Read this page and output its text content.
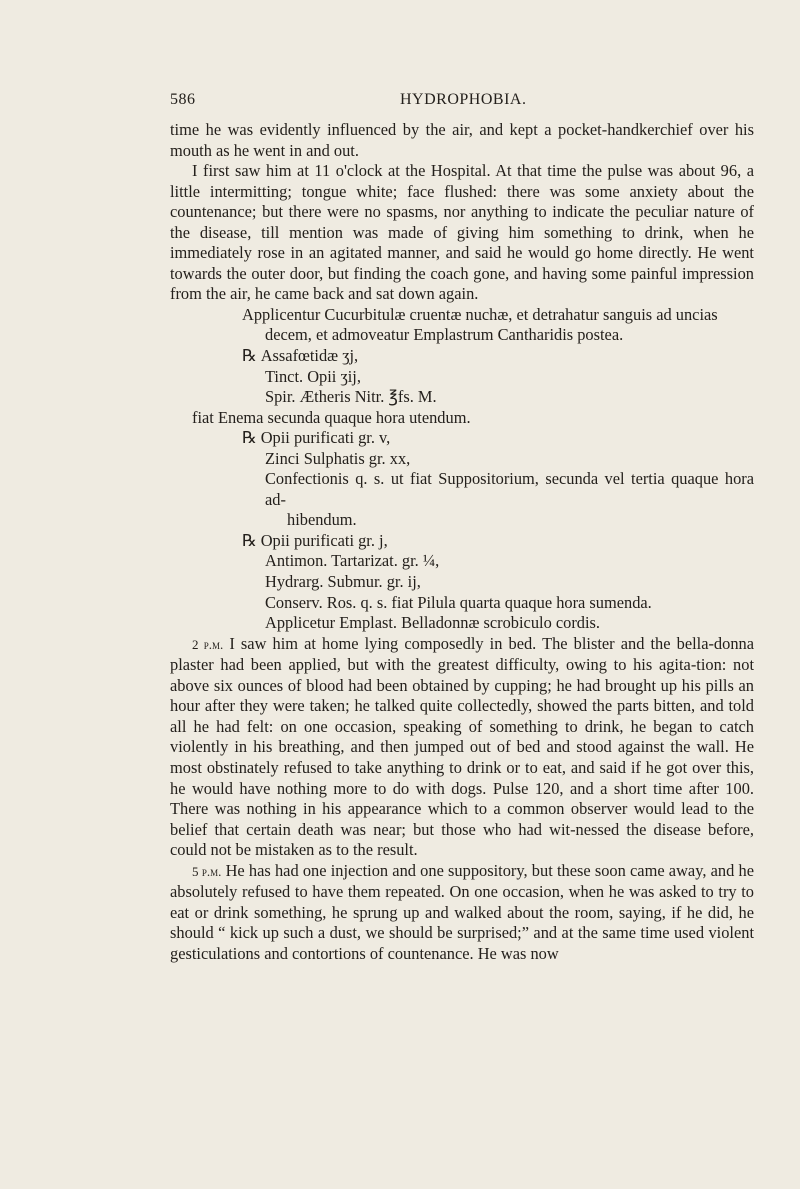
586	HYDROPHOBIA.

time he was evidently influenced by the air, and kept a pocket-handkerchief over his mouth as he went in and out.

I first saw him at 11 o'clock at the Hospital. At that time the pulse was about 96, a little intermitting; tongue white; face flushed: there was some anxiety about the countenance; but there were no spasms, nor anything to indicate the peculiar nature of the disease, till mention was made of giving him something to drink, when he immediately rose in an agitated manner, and said he would go home directly. He went towards the outer door, but finding the coach gone, and having some painful impression from the air, he came back and sat down again.

Applicentur Cucurbitulæ cruentæ nuchæ, et detrahatur sanguis ad uncias
decem, et admoveatur Emplastrum Cantharidis postea.
℞ Assafœtidæ ʒj,
Tinct. Opii ʒij,
Spir. Ætheris Nitr. ℥fs. M.
fiat Enema secunda quaque hora utendum.
℞ Opii purificati gr. v,
Zinci Sulphatis gr. xx,
Confectionis q. s. ut fiat Suppositorium, secunda vel tertia quaque hora ad-
hibendum.
℞ Opii purificati gr. j,
Antimon. Tartarizat. gr. ¼,
Hydrarg. Submur. gr. ij,
Conserv. Ros. q. s. fiat Pilula quarta quaque hora sumenda.
Applicetur Emplast. Belladonnæ scrobiculo cordis.

2 p.m. I saw him at home lying composedly in bed. The blister and the bella-donna plaster had been applied, but with the greatest difficulty, owing to his agita-tion: not above six ounces of blood had been obtained by cupping; he had brought up his pills an hour after they were taken; he talked quite collectedly, showed the parts bitten, and told all he had felt: on one occasion, speaking of something to drink, he began to catch violently in his breathing, and then jumped out of bed and stood against the wall. He most obstinately refused to take anything to drink or to eat, and said if he got over this, he would have nothing more to do with dogs. Pulse 120, and a short time after 100. There was nothing in his appearance which to a common observer would lead to the belief that certain death was near; but those who had wit-nessed the disease before, could not be mistaken as to the result.

5 p.m. He has had one injection and one suppository, but these soon came away, and he absolutely refused to have them repeated. On one occasion, when he was asked to try to eat or drink something, he sprung up and walked about the room, saying, if he did, he should “ kick up such a dust, we should be surprised;” and at the same time used violent gesticulations and contortions of countenance. He was now
